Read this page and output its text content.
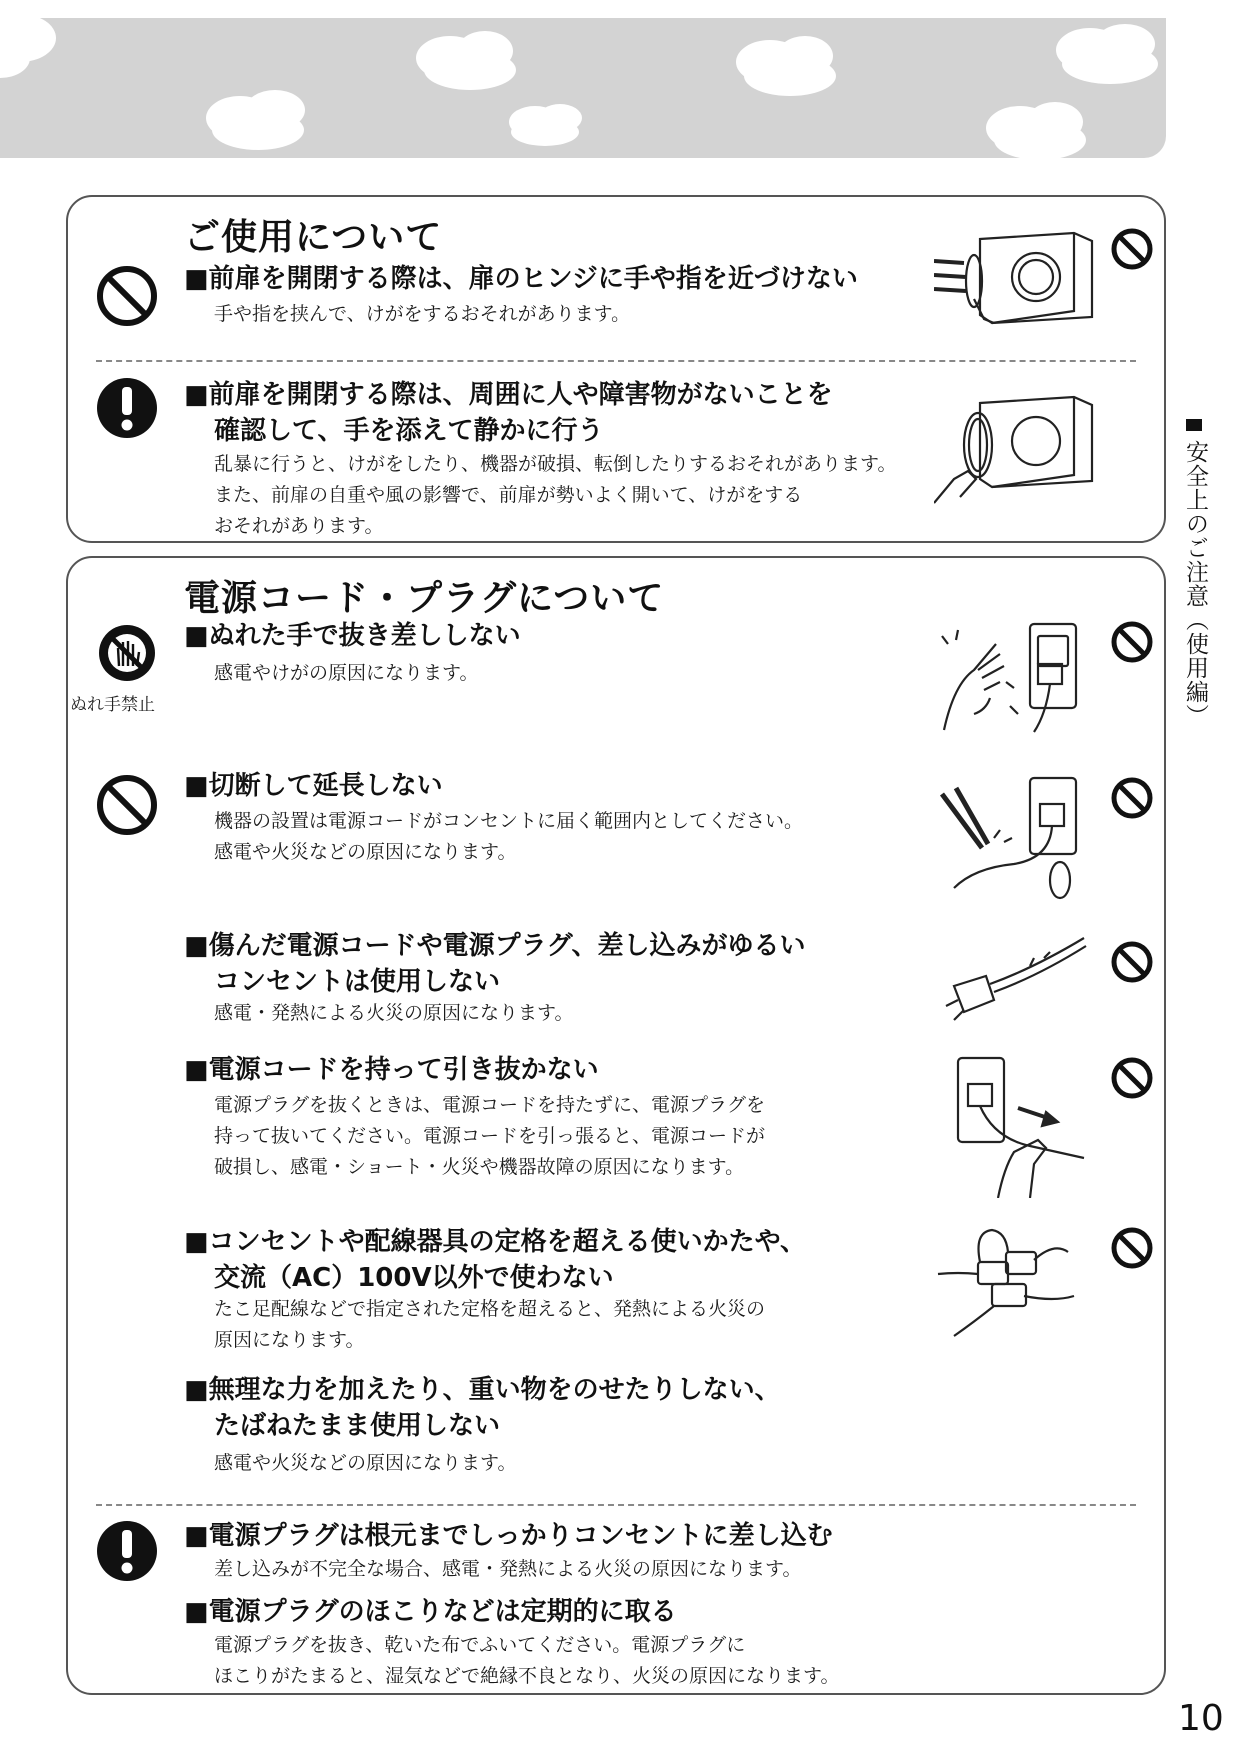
ご使用について
■前扉を開閉する際は、扉のヒンジに手や指を近づけない
手や指を挟んで、けがをするおそれがあります。
■前扉を開閉する際は、周囲に人や障害物がないことを
確認して、手を添えて静かに行う
乱暴に行うと、けがをしたり、機器が破損、転倒したりするおそれがあります。
また、前扉の自重や風の影響で、前扉が勢いよく開いて、けがをする
おそれがあります。
電源コード・プラグについて
ぬれ手禁止
■ぬれた手で抜き差ししない
感電やけがの原因になります。
■切断して延長しない
機器の設置は電源コードがコンセントに届く範囲内としてください。
感電や火災などの原因になります。
■傷んだ電源コードや電源プラグ、差し込みがゆるい
コンセントは使用しない
感電・発熱による火災の原因になります。
■電源コードを持って引き抜かない
電源プラグを抜くときは、電源コードを持たずに、電源プラグを
持って抜いてください。電源コードを引っ張ると、電源コードが
破損し、感電・ショート・火災や機器故障の原因になります。
■コンセントや配線器具の定格を超える使いかたや、
交流（AC）100V以外で使わない
たこ足配線などで指定された定格を超えると、発熱による火災の
原因になります。
■無理な力を加えたり、重い物をのせたりしない、
たばねたまま使用しない
感電や火災などの原因になります。
■電源プラグは根元までしっかりコンセントに差し込む
差し込みが不完全な場合、感電・発熱による火災の原因になります。
■電源プラグのほこりなどは定期的に取る
電源プラグを抜き、乾いた布でふいてください。電源プラグに
ほこりがたまると、湿気などで絶縁不良となり、火災の原因になります。
安全上のご注意（使用編）
10
